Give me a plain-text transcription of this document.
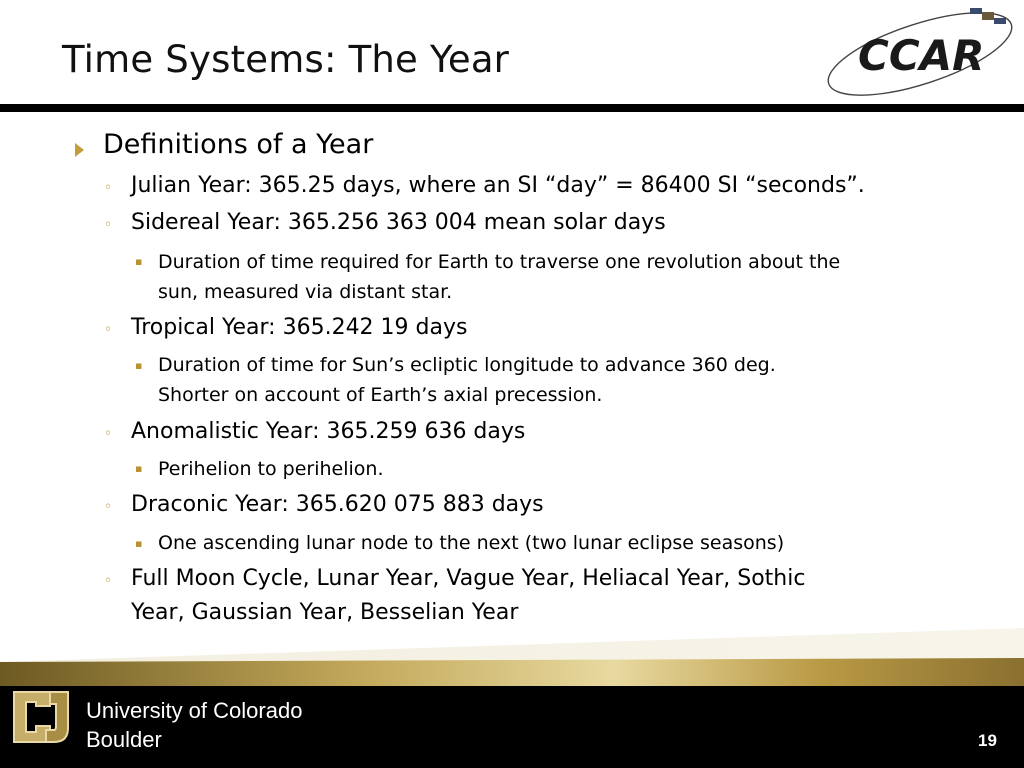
Time Systems: The Year	CCAR
Definitions of a Year
◦ Julian Year: 365.25 days, where an SI “day” = 86400 SI “seconds”.
◦ Sidereal Year: 365.256 363 004 mean solar days
▪ Duration of time required for Earth to traverse one revolution about the
sun, measured via distant star.
◦ Tropical Year: 365.242 19 days
▪ Duration of time for Sun’s ecliptic longitude to advance 360 deg.
Shorter on account of Earth’s axial precession.
◦ Anomalistic Year: 365.259 636 days
▪ Perihelion to perihelion.
◦ Draconic Year: 365.620 075 883 days
▪ One ascending lunar node to the next (two lunar eclipse seasons)
◦ Full Moon Cycle, Lunar Year, Vague Year, Heliacal Year, Sothic
Year, Gaussian Year, Besselian Year
University of Colorado
Boulder	19
